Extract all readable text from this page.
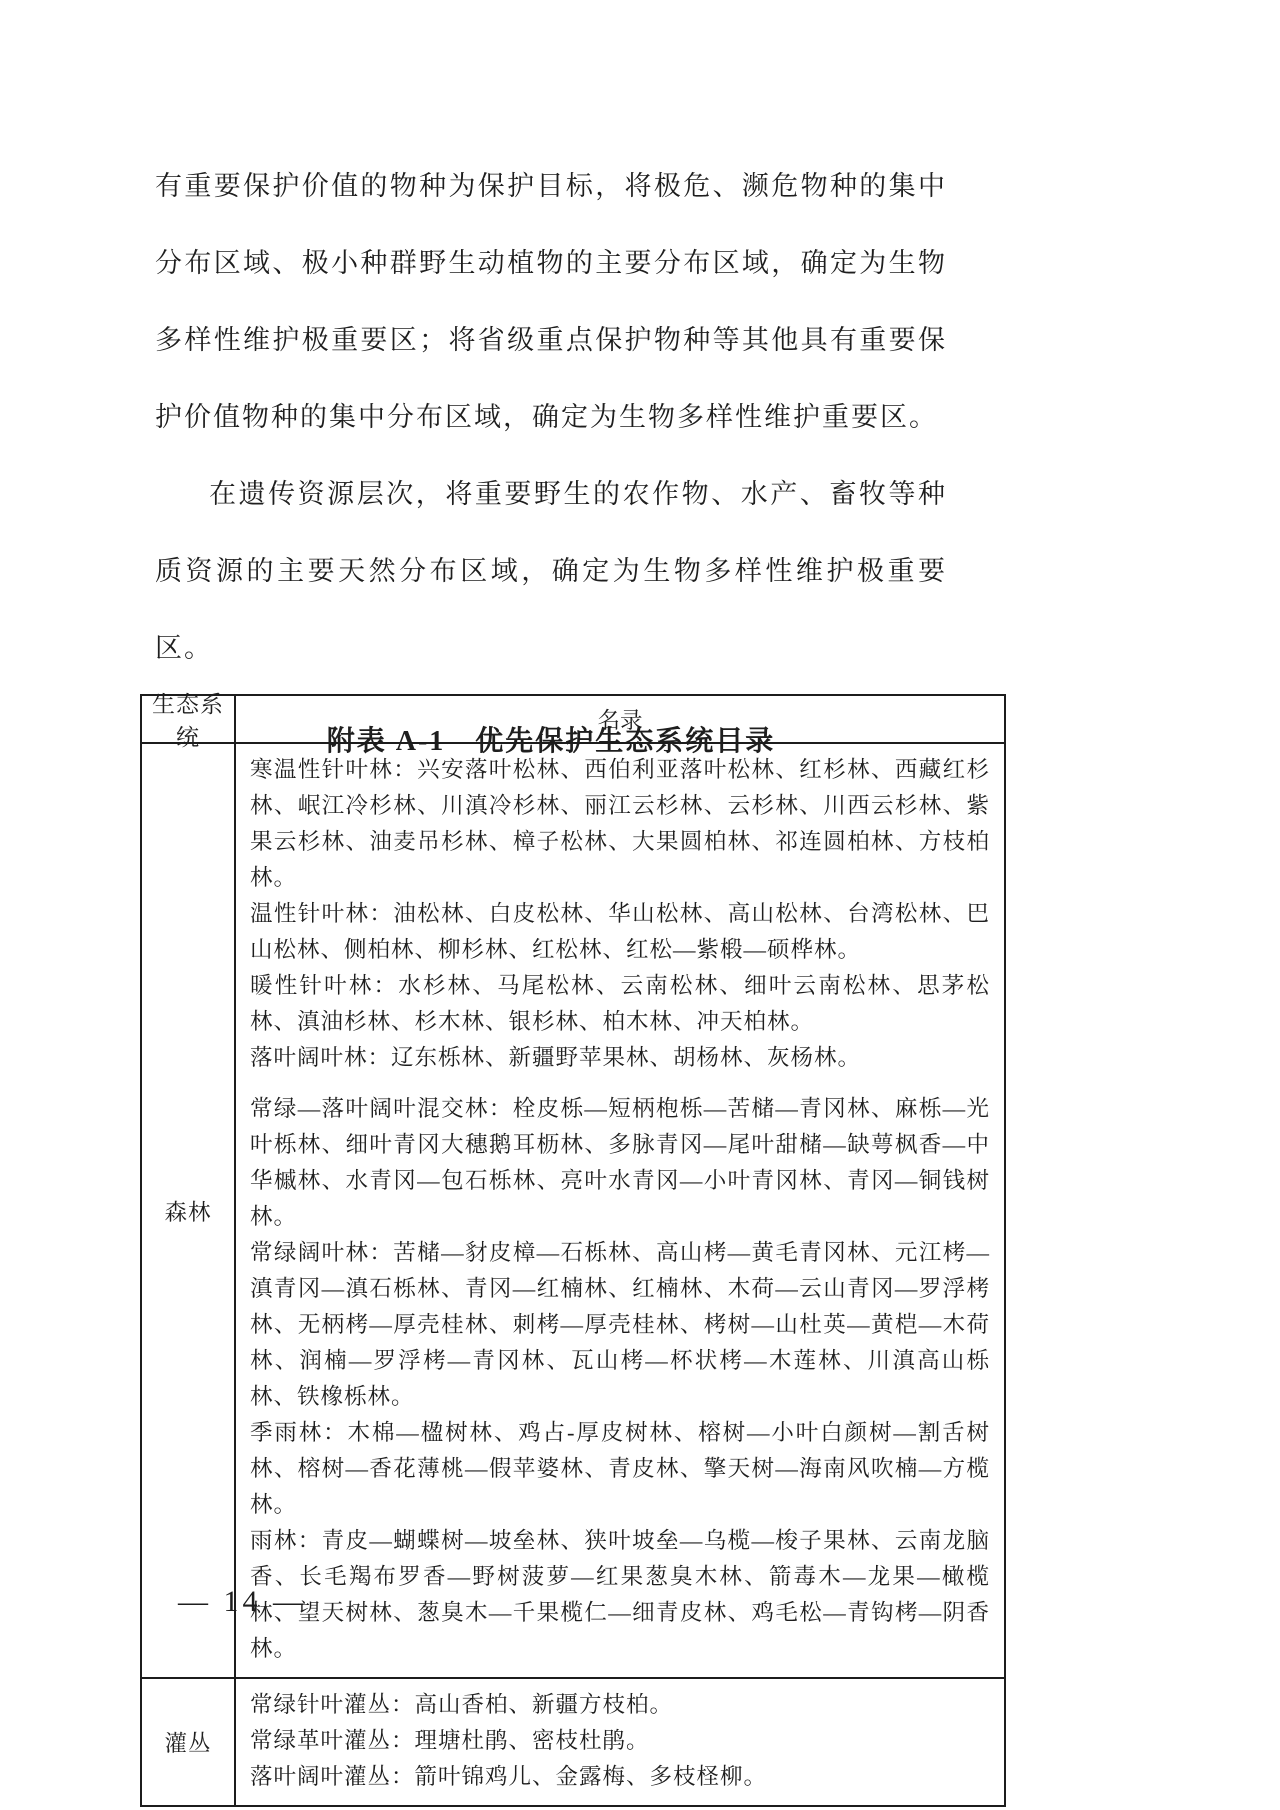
有重要保护价值的物种为保护目标，将极危、濒危物种的集中分布区域、极小种群野生动植物的主要分布区域，确定为生物多样性维护极重要区；将省级重点保护物种等其他具有重要保护价值物种的集中分布区域，确定为生物多样性维护重要区。

在遗传资源层次，将重要野生的农作物、水产、畜牧等种质资源的主要天然分布区域，确定为生物多样性维护极重要区。

附表 A-1　优先保护生态系统目录

生态系统
名录
森林

寒温性针叶林：兴安落叶松林、西伯利亚落叶松林、红杉林、西藏红杉林、岷江冷杉林、川滇冷杉林、丽江云杉林、云杉林、川西云杉林、紫果云杉林、油麦吊杉林、樟子松林、大果圆柏林、祁连圆柏林、方枝柏林。

温性针叶林：油松林、白皮松林、华山松林、高山松林、台湾松林、巴山松林、侧柏林、柳杉林、红松林、红松—紫椴—硕桦林。

暖性针叶林：水杉林、马尾松林、云南松林、细叶云南松林、思茅松林、滇油杉林、杉木林、银杉林、柏木林、冲天柏林。

落叶阔叶林：辽东栎林、新疆野苹果林、胡杨林、灰杨林。

常绿—落叶阔叶混交林：栓皮栎—短柄枹栎—苦槠—青冈林、麻栎—光叶栎林、细叶青冈大穗鹅耳枥林、多脉青冈—尾叶甜槠—缺萼枫香—中华槭林、水青冈—包石栎林、亮叶水青冈—小叶青冈林、青冈—铜钱树林。

常绿阔叶林：苦槠—豺皮樟—石栎林、高山栲—黄毛青冈林、元江栲—滇青冈—滇石栎林、青冈—红楠林、红楠林、木荷—云山青冈—罗浮栲林、无柄栲—厚壳桂林、刺栲—厚壳桂林、栲树—山杜英—黄桤—木荷林、润楠—罗浮栲—青冈林、瓦山栲—杯状栲—木莲林、川滇高山栎林、铁橡栎林。

季雨林：木棉—楹树林、鸡占-厚皮树林、榕树—小叶白颜树—割舌树林、榕树—香花薄桃—假苹婆林、青皮林、擎天树—海南风吹楠—方榄林。

雨林：青皮—蝴蝶树—坡垒林、狭叶坡垒—乌榄—梭子果林、云南龙脑香、长毛羯布罗香—野树菠萝—红果葱臭木林、箭毒木—龙果—橄榄林、望天树林、葱臭木—千果榄仁—细青皮林、鸡毛松—青钩栲—阴香林。

灌丛

常绿针叶灌丛：高山香柏、新疆方枝柏。

常绿革叶灌丛：理塘杜鹃、密枝杜鹃。

落叶阔叶灌丛：箭叶锦鸡儿、金露梅、多枝柽柳。

— 14 —
